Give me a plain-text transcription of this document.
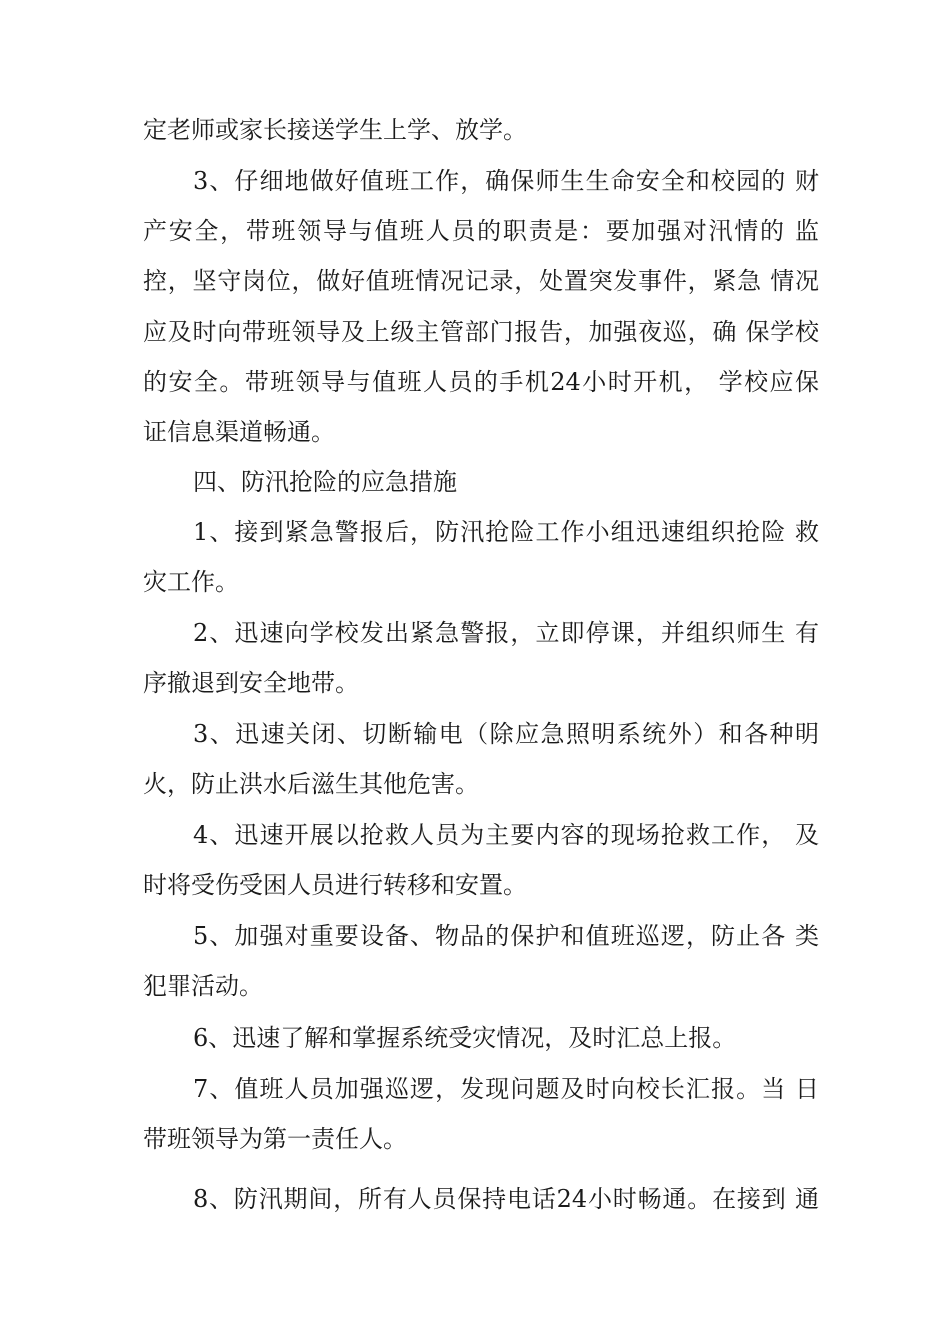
定老师或家长接送学生上学、放学。
3、仔细地做好值班工作，确保师生生命安全和校园的 财
产安全，带班领导与值班人员的职责是：要加强对汛情的 监
控，坚守岗位，做好值班情况记录，处置突发事件，紧急 情况
应及时向带班领导及上级主管部门报告，加强夜巡，确 保学校
的安全。带班领导与值班人员的手机24小时开机， 学校应保
证信息渠道畅通。
四、防汛抢险的应急措施
1、接到紧急警报后，防汛抢险工作小组迅速组织抢险 救
灾工作。
2、迅速向学校发出紧急警报，立即停课，并组织师生 有
序撤退到安全地带。
3、迅速关闭、切断输电（除应急照明系统外）和各种明
火，防止洪水后滋生其他危害。
4、迅速开展以抢救人员为主要内容的现场抢救工作， 及
时将受伤受困人员进行转移和安置。
5、加强对重要设备、物品的保护和值班巡逻，防止各 类
犯罪活动。
6、迅速了解和掌握系统受灾情况，及时汇总上报。
7、值班人员加强巡逻，发现问题及时向校长汇报。当 日
带班领导为第一责任人。
8、防汛期间，所有人员保持电话24小时畅通。在接到 通
